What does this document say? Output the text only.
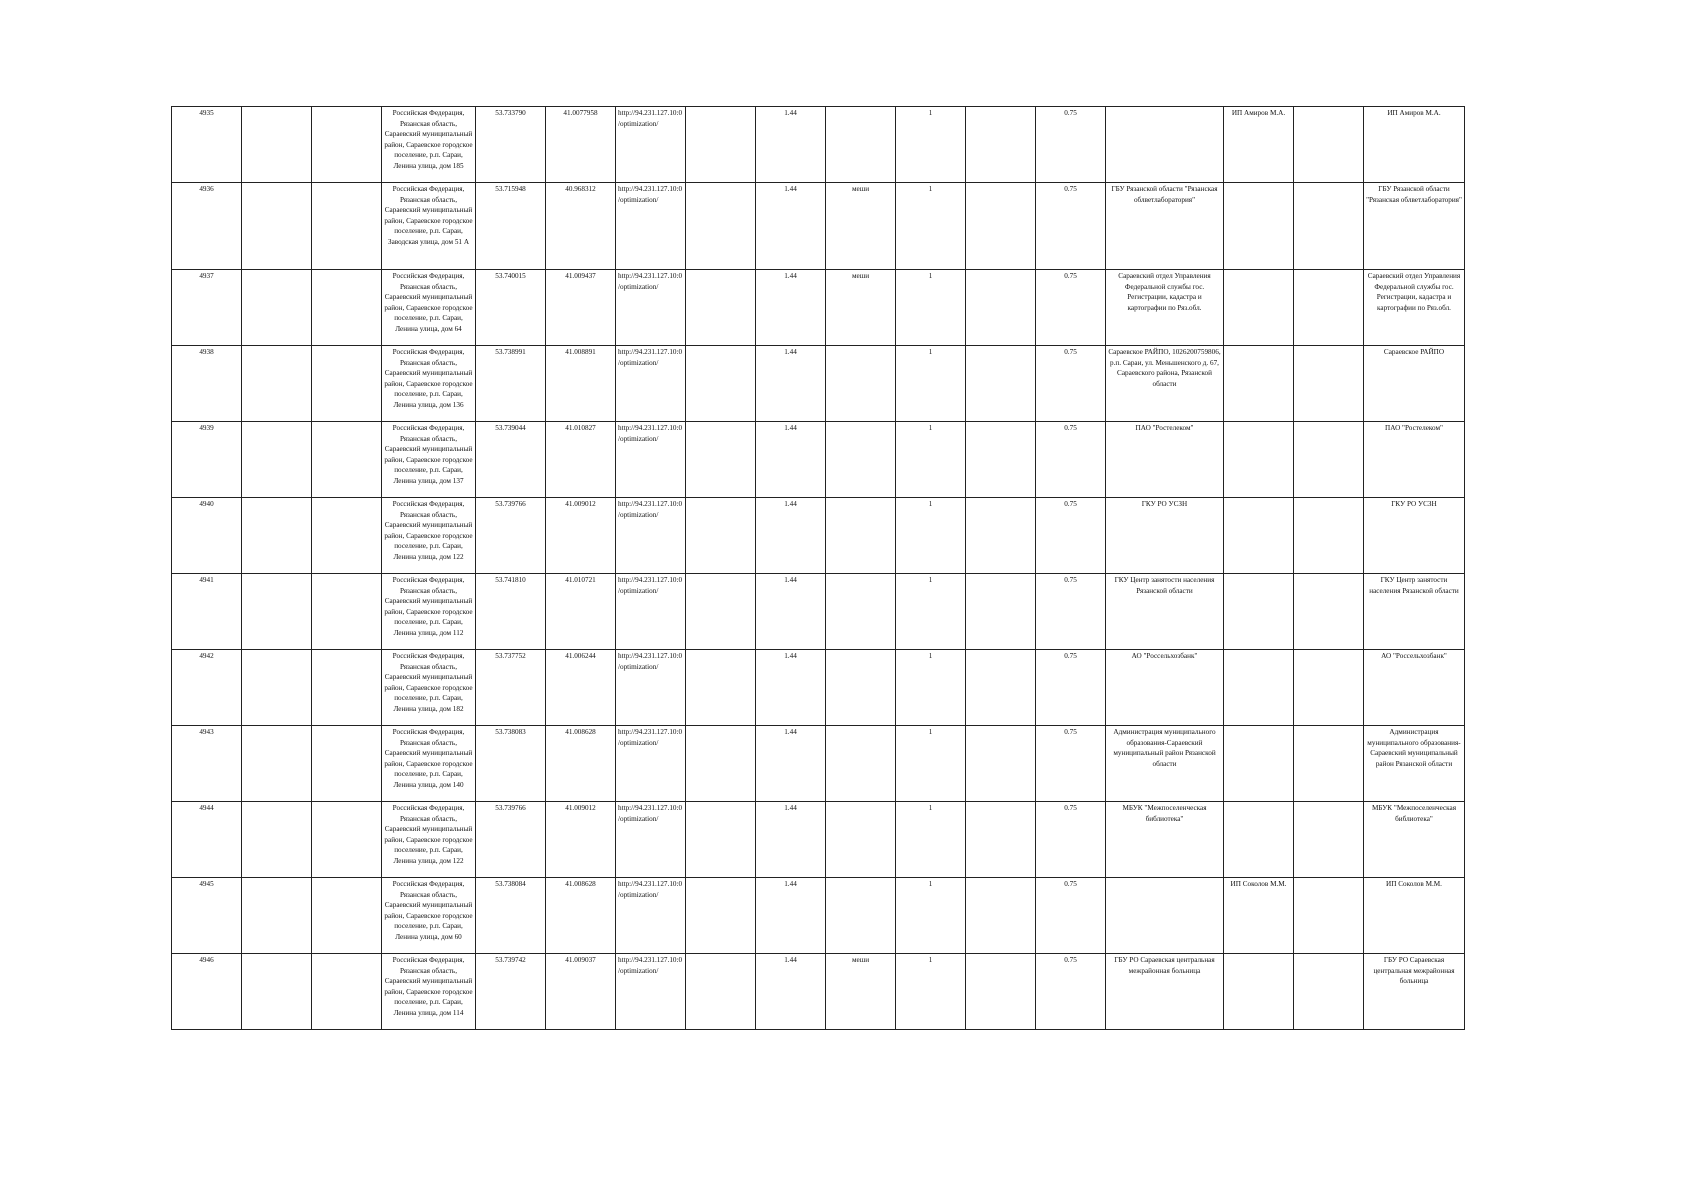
4935			Российская Федерация, Рязанская область, Сараевский муниципальный район, Сараевское городское поселение, р.п. Сараи, Ленина улица, дом 185	53.733790	41.0077958	http://94.231.127.10:0/optimization/		1.44		1		0.75		ИП Амиров М.А.		ИП Амиров М.А.
4936			Российская Федерация, Рязанская область, Сараевский муниципальный район, Сараевское городское поселение, р.п. Сараи, Заводская улица, дом 51 А	53.715948	40.968312	http://94.231.127.10:0/optimization/		1.44	меши	1		0.75	ГБУ Рязанской области "Рязанская облветлаборатория"			ГБУ Рязанской области "Рязанская облветлаборатория"
4937			Российская Федерация, Рязанская область, Сараевский муниципальный район, Сараевское городское поселение, р.п. Сараи, Ленина улица, дом 64	53.740015	41.009437	http://94.231.127.10:0/optimization/		1.44	меши	1		0.75	Сараевский отдел Управления Федеральной службы гос. Регистрации, кадастра и картографии по Ряз.обл.			Сараевский отдел Управления Федеральной службы гос. Регистрации, кадастра и картографии по Ряз.обл.
4938			Российская Федерация, Рязанская область, Сараевский муниципальный район, Сараевское городское поселение, р.п. Сараи, Ленина улица, дом 136	53.738991	41.008891	http://94.231.127.10:0/optimization/		1.44		1		0.75	Сараевское РАЙПО, 1026200759806, р.п. Сараи, ул. Меньшенского д. 67, Сараевского района, Рязанской области			Сараевское РАЙПО
4939			Российская Федерация, Рязанская область, Сараевский муниципальный район, Сараевское городское поселение, р.п. Сараи, Ленина улица, дом 137	53.739044	41.010827	http://94.231.127.10:0/optimization/		1.44		1		0.75	ПАО "Ростелеком"			ПАО "Ростелеком"
4940			Российская Федерация, Рязанская область, Сараевский муниципальный район, Сараевское городское поселение, р.п. Сараи, Ленина улица, дом 122	53.739766	41.009012	http://94.231.127.10:0/optimization/		1.44		1		0.75	ГКУ РО УСЗН			ГКУ РО УСЗН
4941			Российская Федерация, Рязанская область, Сараевский муниципальный район, Сараевское городское поселение, р.п. Сараи, Ленина улица, дом 112	53.741810	41.010721	http://94.231.127.10:0/optimization/		1.44		1		0.75	ГКУ Центр занятости населения Рязанской области			ГКУ Центр занятости населения Рязанской области
4942			Российская Федерация, Рязанская область, Сараевский муниципальный район, Сараевское городское поселение, р.п. Сараи, Ленина улица, дом 182	53.737752	41.006244	http://94.231.127.10:0/optimization/		1.44		1		0.75	АО "Россельхозбанк"			АО "Россельхозбанк"
4943			Российская Федерация, Рязанская область, Сараевский муниципальный район, Сараевское городское поселение, р.п. Сараи, Ленина улица, дом 140	53.738083	41.008628	http://94.231.127.10:0/optimization/		1.44		1		0.75	Администрация муниципального образования-Сараевский муниципальный район Рязанской области			Администрация муниципального образования-Сараевский муниципальный район Рязанской области
4944			Российская Федерация, Рязанская область, Сараевский муниципальный район, Сараевское городское поселение, р.п. Сараи, Ленина улица, дом 122	53.739766	41.009012	http://94.231.127.10:0/optimization/		1.44		1		0.75	МБУК "Межпоселенческая библиотека"			МБУК "Межпоселенческая библиотека"
4945			Российская Федерация, Рязанская область, Сараевский муниципальный район, Сараевское городское поселение, р.п. Сараи, Ленина улица, дом 60	53.738084	41.008628	http://94.231.127.10:0/optimization/		1.44		1		0.75		ИП Соколов М.М.		ИП Соколов М.М.
4946			Российская Федерация, Рязанская область, Сараевский муниципальный район, Сараевское городское поселение, р.п. Сараи, Ленина улица, дом 114	53.739742	41.009037	http://94.231.127.10:0/optimization/		1.44	меши	1		0.75	ГБУ РО Сараевская центральная межрайонная больница			ГБУ РО Сараевская центральная межрайонная больница
